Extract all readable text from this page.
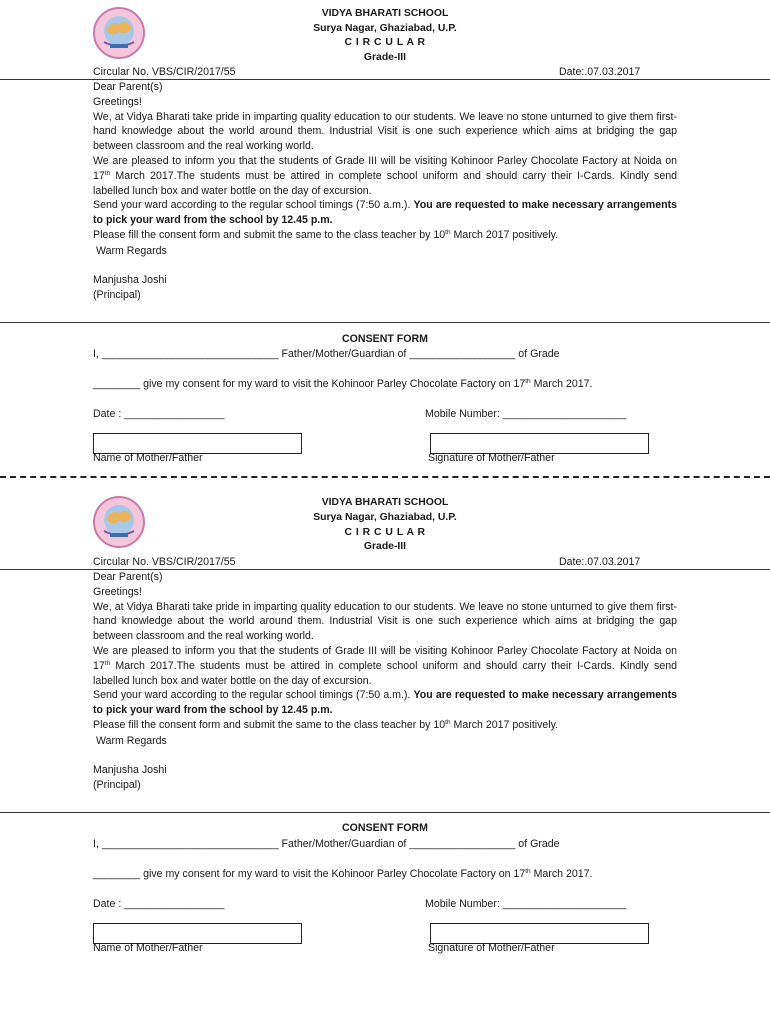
VIDYA BHARATI SCHOOL
Surya Nagar, Ghaziabad, U.P.
C I R C U L A R
Grade-III
Circular No. VBS/CIR/2017/55	Date:.07.03.2017

Dear Parent(s)

Greetings!

We, at Vidya Bharati take pride in imparting quality education to our students. We leave no stone unturned to give them first-hand knowledge about the world around them. Industrial Visit is one such experience which aims at bridging the gap between classroom and the real working world.

We are pleased to inform you that the students of Grade III will be visiting Kohinoor Parley Chocolate Factory at Noida on 17th March 2017.The students must be attired in complete school uniform and should carry their I-Cards. Kindly send labelled lunch box and water bottle on the day of excursion.

Send your ward according to the regular school timings (7:50 a.m.). You are requested to make necessary arrangements to pick your ward from the school by 12.45 p.m.

Please fill the consent form and submit the same to the class teacher by 10th March 2017 positively.

Warm Regards
Manjusha Joshi
(Principal)
CONSENT FORM
I, ______________________________ Father/Mother/Guardian of __________________ of Grade
________ give my consent for my ward to visit the Kohinoor Parley Chocolate Factory on 17th March 2017.
Date : _________________	Mobile Number: _____________________
Name of Mother/Father	Signature of Mother/Father
VIDYA BHARATI SCHOOL
Surya Nagar, Ghaziabad, U.P.
C I R C U L A R
Grade-III
Circular No. VBS/CIR/2017/55	Date:.07.03.2017

Dear Parent(s)

Greetings!

We, at Vidya Bharati take pride in imparting quality education to our students. We leave no stone unturned to give them first-hand knowledge about the world around them. Industrial Visit is one such experience which aims at bridging the gap between classroom and the real working world.

We are pleased to inform you that the students of Grade III will be visiting Kohinoor Parley Chocolate Factory at Noida on 17th March 2017.The students must be attired in complete school uniform and should carry their I-Cards. Kindly send labelled lunch box and water bottle on the day of excursion.

Send your ward according to the regular school timings (7:50 a.m.). You are requested to make necessary arrangements to pick your ward from the school by 12.45 p.m.

Please fill the consent form and submit the same to the class teacher by 10th March 2017 positively.

Warm Regards
Manjusha Joshi
(Principal)
CONSENT FORM
I, ______________________________ Father/Mother/Guardian of __________________ of Grade
________ give my consent for my ward to visit the Kohinoor Parley Chocolate Factory on 17th March 2017.
Date : _________________	Mobile Number: _____________________
Name of Mother/Father	Signature of Mother/Father
